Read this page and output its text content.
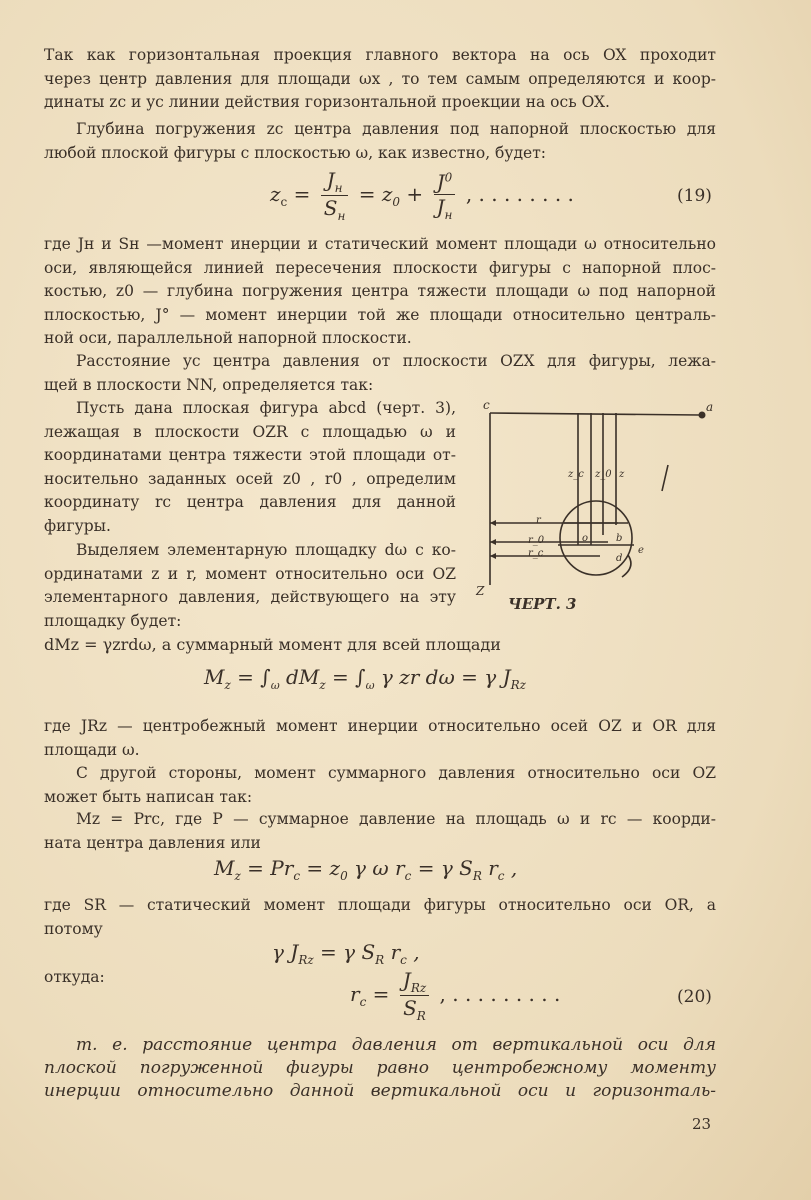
Так как горизонтальная проекция главного вектора на ось OX проходит

через центр давления для площади ωx , то тем самым определяются и коор-

динаты zc и yc линии действия горизонтальной проекции на ось OX.

Глубина погружения zc центра давления под напорной плоскостью для

любой плоской фигуры с плоскостью ω, как известно, будет:

$z_c = \frac{J_н}{S_н} = z_0 + \frac{J^0}{J_н}$ , . . . . . . . .	(19)

где Jн и Sн —момент инерции и статический момент площади ω относительно

оси, являющейся линией пересечения плоскости фигуры с напорной плос-

костью, z0 — глубина погружения центра тяжести площади ω под напорной

плоскостью, J° — момент инерции той же площади относительно централь-

ной оси, параллельной напорной плоскости.

Расстояние yc центра давления от плоскости OZX для фигуры, лежа-

щей в плоскости NN, определяется так:

Пусть дана плоская фигура abcd (черт. 3),

лежащая в плоскости OZR с площадью ω и

координатами центра тяжести этой площади от-

носительно заданных осей z0 , r0 , определим

координату rc центра давления для данной

фигуры.

Выделяем элементарную площадку dω с ко-

ординатами z и r, момент относительно оси OZ

элементарного давления, действующего на эту

площадку будет:

c	a
z_c z_0 z
r
r_0
r_c
o	b
d
e
Z
ЧЕРТ. 3

dMz = γzrdω, а суммарный момент для всей площади

$M_z = \int_\omega$ $dM_z = \int_\omega$ γ zr dω = γ $J_{Rz}$

где JRz — центробежный момент инерции относительно осей OZ и OR для

площади ω.

С другой стороны, момент суммарного давления относительно оси OZ

может быть написан так:

Mz = Prc, где P — суммарное давление на площадь ω и rc — коорди-

ната центра давления или

$M_z = Pr_c = z_0$ γ ω $r_c = \gamma$ $S_R$ $r_c$ ,

где SR — статический момент площади фигуры относительно оси OR, а

потому

γ $J_{Rz} = \gamma$ $S_R$ $r_c$ ,

откуда:

$r_c = \frac{J_{Rz}}{S_R}$ , . . . . . . . . .	(20)

т. е. расстояние центра давления от вертикальной оси для

плоской погруженной фигуры равно центробежному моменту

инерции относительно данной вертикальной оси и горизонталь-

23
